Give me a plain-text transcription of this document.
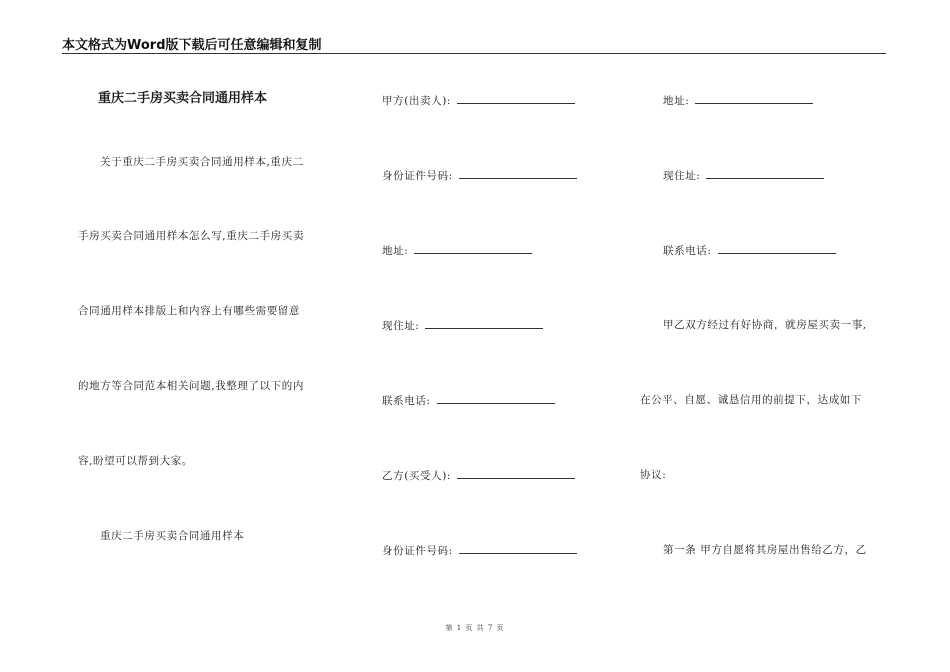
本文格式为Word版下载后可任意编辑和复制
重庆二手房买卖合同通用样本
关于重庆二手房买卖合同通用样本,重庆二
手房买卖合同通用样本怎么写,重庆二手房买卖
合同通用样本排版上和内容上有哪些需要留意
的地方等合同范本相关问题,我整理了以下的内
容,盼望可以帮到大家。
重庆二手房买卖合同通用样本
甲方(出卖人):
身份证件号码:
地址:
现住址:
联系电话:
乙方(买受人):
身份证件号码:
地址:
现住址:
联系电话:
甲乙双方经过有好协商，就房屋买卖一事,
在公平、自愿、诚恳信用的前提下，达成如下
协议:
第一条 甲方自愿将其房屋出售给乙方，乙
第 1 页 共 7 页
